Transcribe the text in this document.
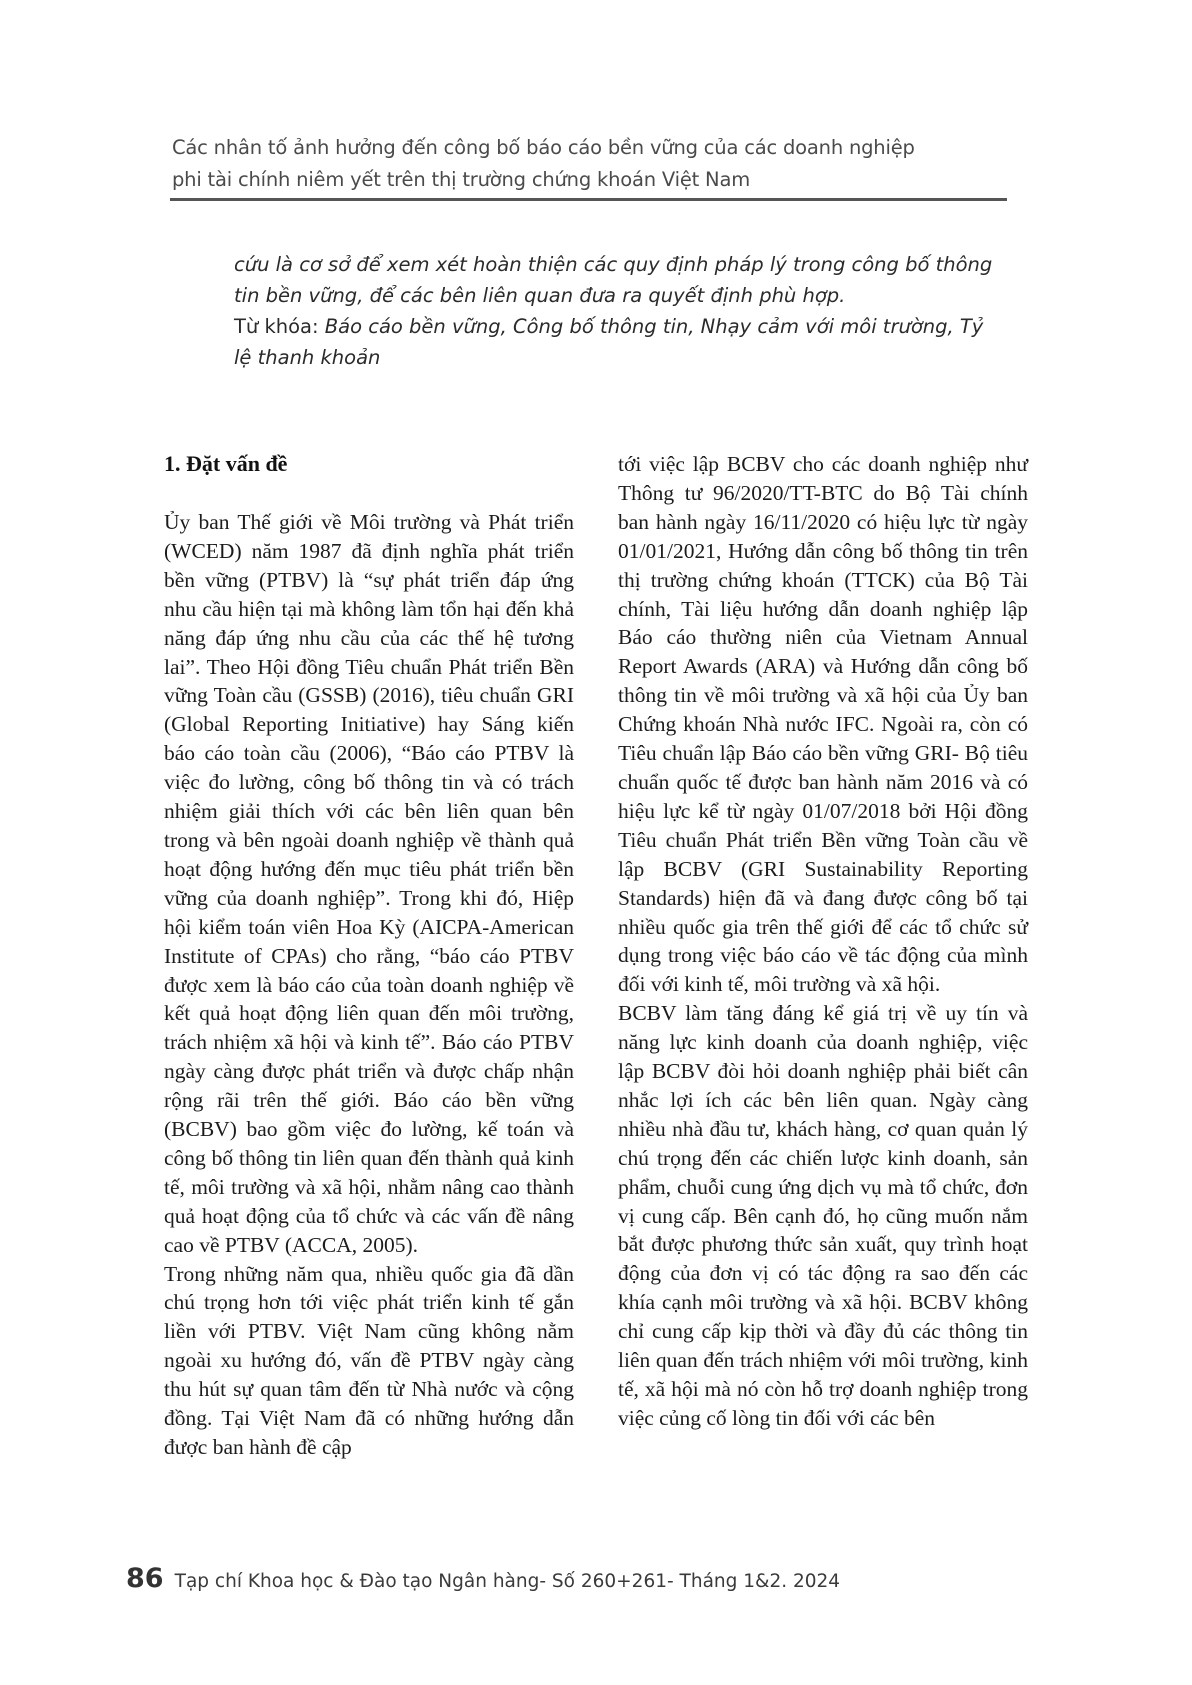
Các nhân tố ảnh hưởng đến công bố báo cáo bền vững của các doanh nghiệp
phi tài chính niêm yết trên thị trường chứng khoán Việt Nam

cứu là cơ sở để xem xét hoàn thiện các quy định pháp lý trong công bố thông tin bền vững, để các bên liên quan đưa ra quyết định phù hợp.

Từ khóa: Báo cáo bền vững, Công bố thông tin, Nhạy cảm với môi trường, Tỷ lệ thanh khoản

1. Đặt vấn đề

Ủy ban Thế giới về Môi trường và Phát triển (WCED) năm 1987 đã định nghĩa phát triển bền vững (PTBV) là “sự phát triển đáp ứng nhu cầu hiện tại mà không làm tổn hại đến khả năng đáp ứng nhu cầu của các thế hệ tương lai”. Theo Hội đồng Tiêu chuẩn Phát triển Bền vững Toàn cầu (GSSB) (2016), tiêu chuẩn GRI (Global Reporting Initiative) hay Sáng kiến báo cáo toàn cầu (2006), “Báo cáo PTBV là việc đo lường, công bố thông tin và có trách nhiệm giải thích với các bên liên quan bên trong và bên ngoài doanh nghiệp về thành quả hoạt động hướng đến mục tiêu phát triển bền vững của doanh nghiệp”. Trong khi đó, Hiệp hội kiểm toán viên Hoa Kỳ (AICPA-American Institute of CPAs) cho rằng, “báo cáo PTBV được xem là báo cáo của toàn doanh nghiệp về kết quả hoạt động liên quan đến môi trường, trách nhiệm xã hội và kinh tế”. Báo cáo PTBV ngày càng được phát triển và được chấp nhận rộng rãi trên thế giới. Báo cáo bền vững (BCBV) bao gồm việc đo lường, kế toán và công bố thông tin liên quan đến thành quả kinh tế, môi trường và xã hội, nhằm nâng cao thành quả hoạt động của tổ chức và các vấn đề nâng cao về PTBV (ACCA, 2005).

Trong những năm qua, nhiều quốc gia đã dần chú trọng hơn tới việc phát triển kinh tế gắn liền với PTBV. Việt Nam cũng không nằm ngoài xu hướng đó, vấn đề PTBV ngày càng thu hút sự quan tâm đến từ Nhà nước và cộng đồng. Tại Việt Nam đã có những hướng dẫn được ban hành đề cập

tới việc lập BCBV cho các doanh nghiệp như Thông tư 96/2020/TT-BTC do Bộ Tài chính ban hành ngày 16/11/2020 có hiệu lực từ ngày 01/01/2021, Hướng dẫn công bố thông tin trên thị trường chứng khoán (TTCK) của Bộ Tài chính, Tài liệu hướng dẫn doanh nghiệp lập Báo cáo thường niên của Vietnam Annual Report Awards (ARA) và Hướng dẫn công bố thông tin về môi trường và xã hội của Ủy ban Chứng khoán Nhà nước IFC. Ngoài ra, còn có Tiêu chuẩn lập Báo cáo bền vững GRI- Bộ tiêu chuẩn quốc tế được ban hành năm 2016 và có hiệu lực kể từ ngày 01/07/2018 bởi Hội đồng Tiêu chuẩn Phát triển Bền vững Toàn cầu về lập BCBV (GRI Sustainability Reporting Standards) hiện đã và đang được công bố tại nhiều quốc gia trên thế giới để các tổ chức sử dụng trong việc báo cáo về tác động của mình đối với kinh tế, môi trường và xã hội.

BCBV làm tăng đáng kể giá trị về uy tín và năng lực kinh doanh của doanh nghiệp, việc lập BCBV đòi hỏi doanh nghiệp phải biết cân nhắc lợi ích các bên liên quan. Ngày càng nhiều nhà đầu tư, khách hàng, cơ quan quản lý chú trọng đến các chiến lược kinh doanh, sản phẩm, chuỗi cung ứng dịch vụ mà tổ chức, đơn vị cung cấp. Bên cạnh đó, họ cũng muốn nắm bắt được phương thức sản xuất, quy trình hoạt động của đơn vị có tác động ra sao đến các khía cạnh môi trường và xã hội. BCBV không chỉ cung cấp kịp thời và đầy đủ các thông tin liên quan đến trách nhiệm với môi trường, kinh tế, xã hội mà nó còn hỗ trợ doanh nghiệp trong việc củng cố lòng tin đối với các bên

86 Tạp chí Khoa học & Đào tạo Ngân hàng- Số 260+261- Tháng 1&2. 2024
